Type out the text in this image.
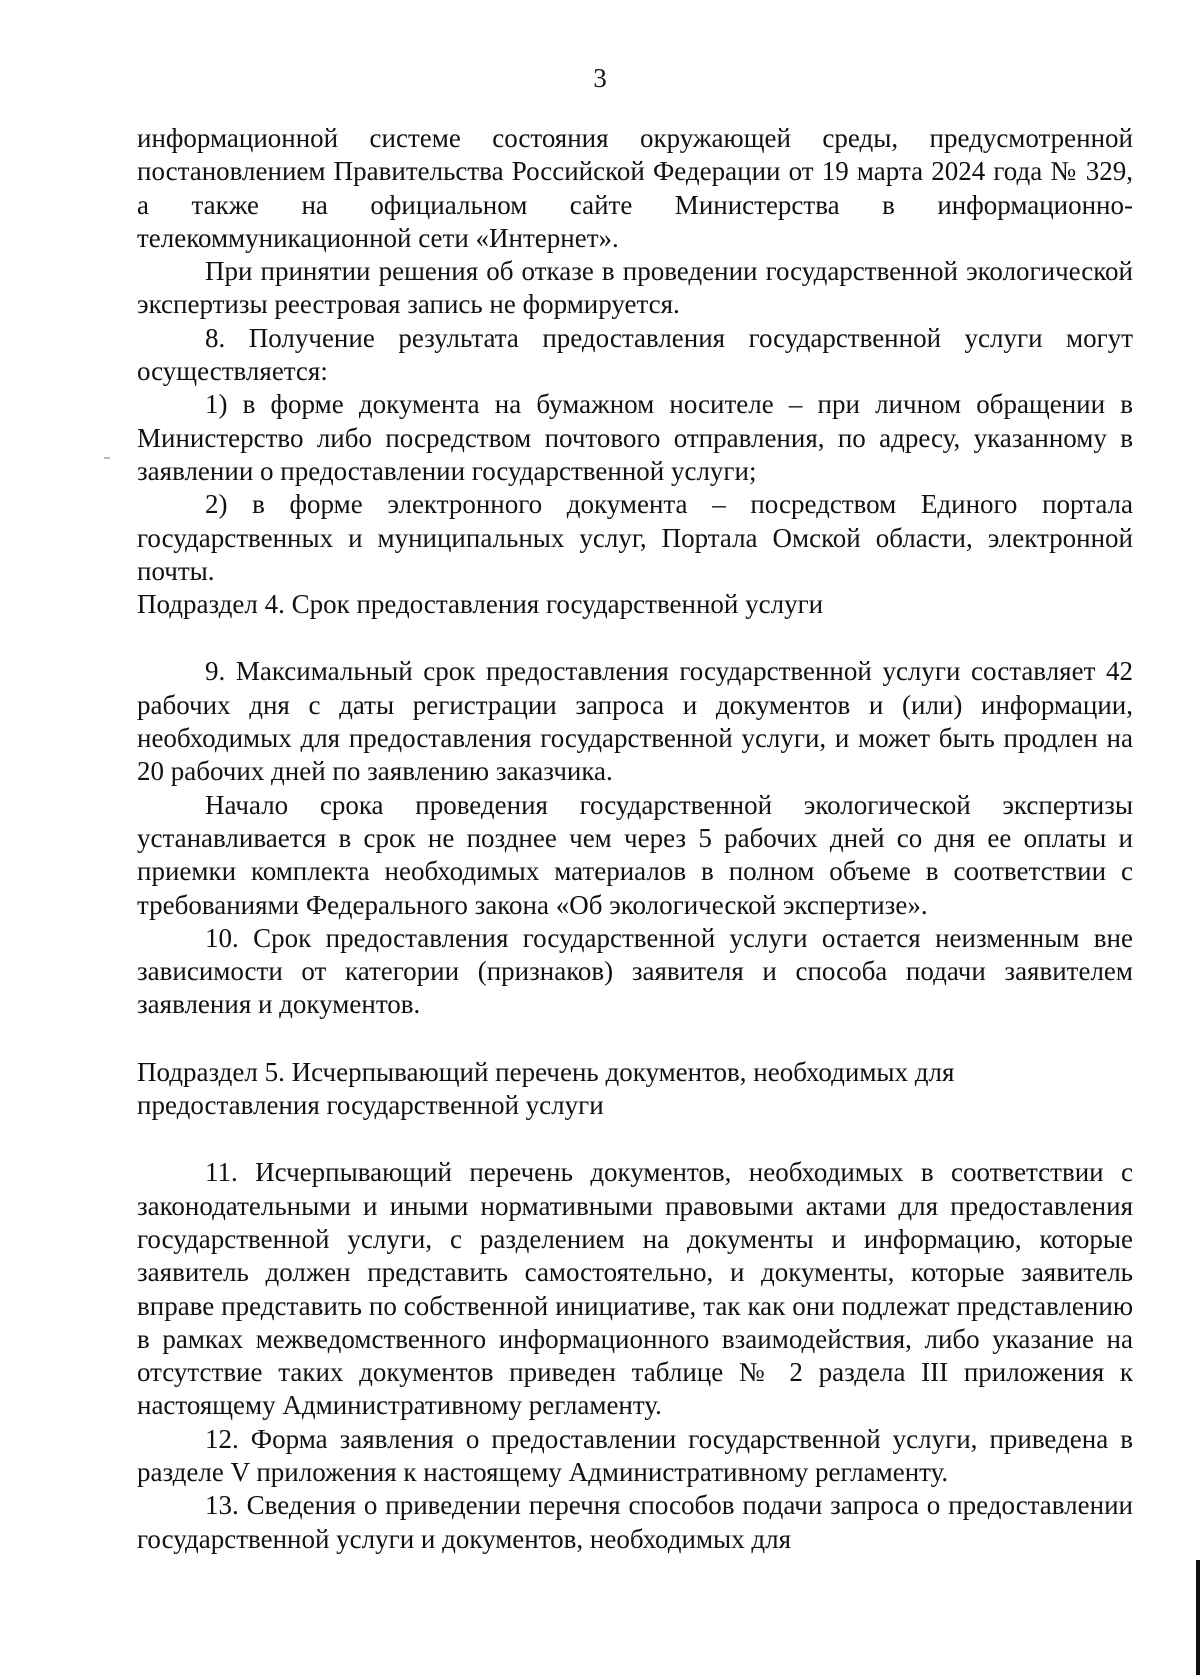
3

информационной системе состояния окружающей среды, предусмотренной постановлением Правительства Российской Федерации от 19 марта 2024 года № 329, а также на официальном сайте Министерства в информационно-телекоммуникационной сети «Интернет».

При принятии решения об отказе в проведении государственной экологической экспертизы реестровая запись не формируется.

8. Получение результата предоставления государственной услуги могут осуществляется:

1) в форме документа на бумажном носителе – при личном обращении в Министерство либо посредством почтового отправления, по адресу, указанному в заявлении о предоставлении государственной услуги;

2) в форме электронного документа – посредством Единого портала государственных и муниципальных услуг, Портала Омской области, электронной почты.

Подраздел 4. Срок предоставления государственной услуги

9. Максимальный срок предоставления государственной услуги составляет 42 рабочих дня с даты регистрации запроса и документов и (или) информации, необходимых для предоставления государственной услуги, и может быть продлен на 20 рабочих дней по заявлению заказчика.

Начало срока проведения государственной экологической экспертизы устанавливается в срок не позднее чем через 5 рабочих дней со дня ее оплаты и приемки комплекта необходимых материалов в полном объеме в соответствии с требованиями Федерального закона «Об экологической экспертизе».

10. Срок предоставления государственной услуги остается неизменным вне зависимости от категории (признаков) заявителя и способа подачи заявителем заявления и документов.

Подраздел 5. Исчерпывающий перечень документов, необходимых для

предоставления государственной услуги

11. Исчерпывающий перечень документов, необходимых в соответствии с законодательными и иными нормативными правовыми актами для предоставления государственной услуги, с разделением на документы и информацию, которые заявитель должен представить самостоятельно, и документы, которые заявитель вправе представить по собственной инициативе, так как они подлежат представлению в рамках межведомственного информационного взаимодействия, либо указание на отсутствие таких документов приведен таблице № 2 раздела III приложения к настоящему Административному регламенту.

12. Форма заявления о предоставлении государственной услуги, приведена в разделе V приложения к настоящему Административному регламенту.

13. Сведения о приведении перечня способов подачи запроса о предоставлении государственной услуги и документов, необходимых для
